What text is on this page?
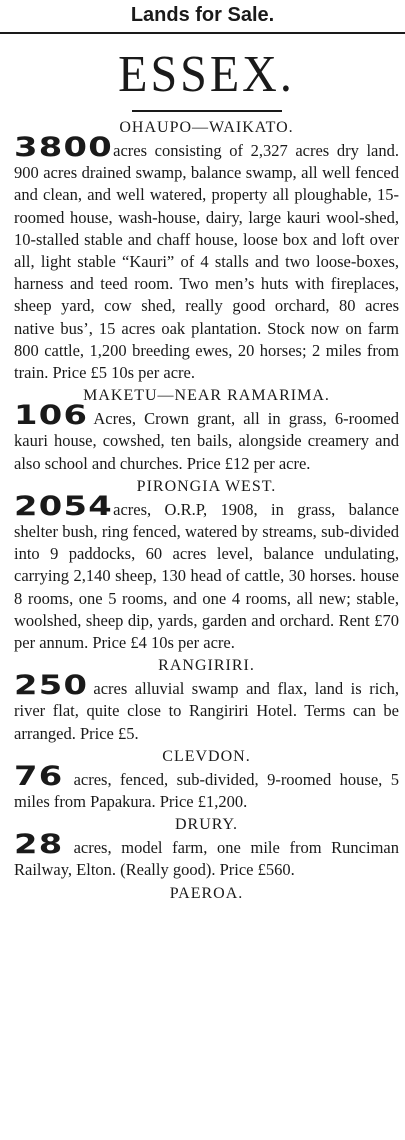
Lands for Sale.
ESSEX.

OHAUPO—WAIKATO.

3800acres consisting of 2,327 acres dry land. 900 acres drained swamp, balance swamp, all well fenced and clean, and well watered, property all ploughable, 15-roomed house, wash-house, dairy, large kauri wool-shed, 10-stalled stable and chaff house, loose box and loft over all, light stable “Kauri” of 4 stalls and two loose-boxes, harness and teed room. Two men’s huts with fireplaces, sheep yard, cow shed, really good orchard, 80 acres native bus’, 15 acres oak plantation. Stock now on farm 800 cattle, 1,200 breeding ewes, 20 horses; 2 miles from train. Price £5 10s per acre.

MAKETU—NEAR RAMARIMA.

106 Acres, Crown grant, all in grass, 6-roomed kauri house, cowshed, ten bails, alongside creamery and also school and churches. Price £12 per acre.

PIRONGIA WEST.

2054acres, O.R.P, 1908, in grass, balance shelter bush, ring fenced, watered by streams, sub-divided into 9 paddocks, 60 acres level, balance undulating, carrying 2,140 sheep, 130 head of cattle, 30 horses. house 8 rooms, one 5 rooms, and one 4 rooms, all new; stable, woolshed, sheep dip, yards, garden and orchard. Rent £70 per annum. Price £4 10s per acre.

RANGIRIRI.

250 acres alluvial swamp and flax, land is rich, river flat, quite close to Rangiriri Hotel. Terms can be arranged. Price £5.

CLEVDON.

76 acres, fenced, sub-divided, 9-roomed house, 5 miles from Papakura. Price £1,200.

DRURY.

28 acres, model farm, one mile from Runciman Railway, Elton. (Really good). Price £560.

PAEROA.
